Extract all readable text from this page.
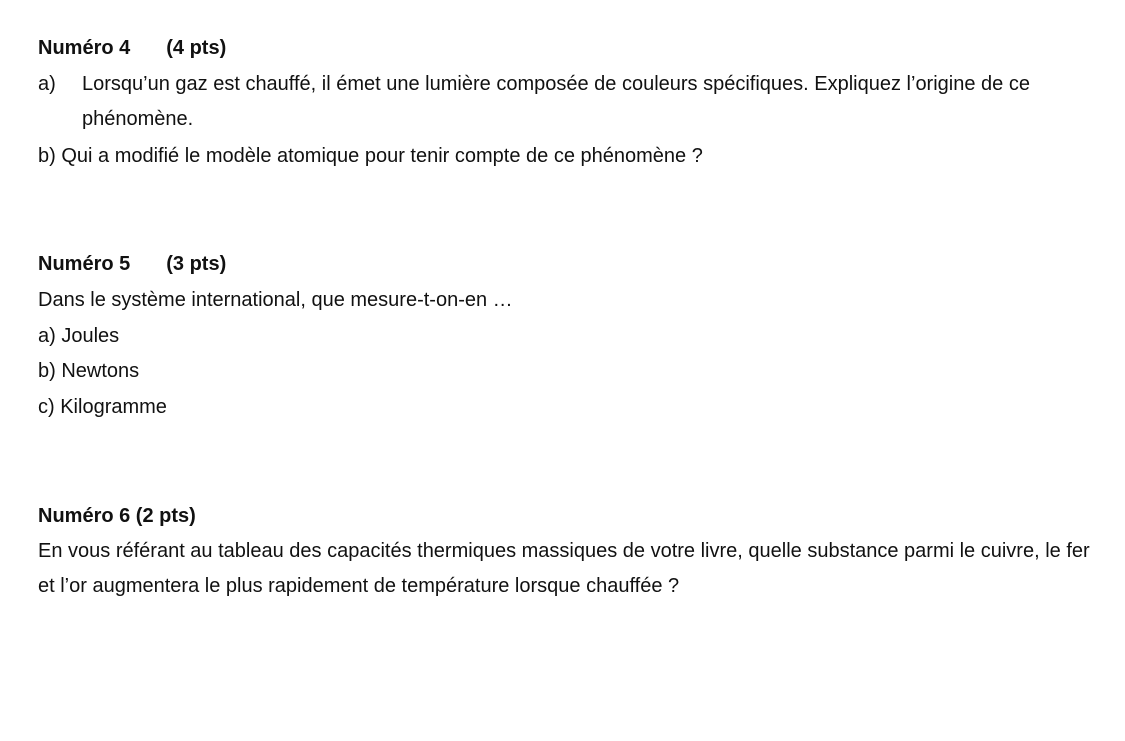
Numéro 4 (4 pts)
a) Lorsqu’un gaz est chauffé, il émet une lumière composée de couleurs spécifiques. Expliquez l’origine de ce phénomène.
b) Qui a modifié le modèle atomique pour tenir compte de ce phénomène ?
Numéro 5 (3 pts)
Dans le système international, que mesure-t-on-en …
a) Joules
b) Newtons
c) Kilogramme
Numéro 6 (2 pts)
En vous référant au tableau des capacités thermiques massiques de votre livre, quelle substance parmi le cuivre, le fer et l’or augmentera le plus rapidement de température lorsque chauffée ?
